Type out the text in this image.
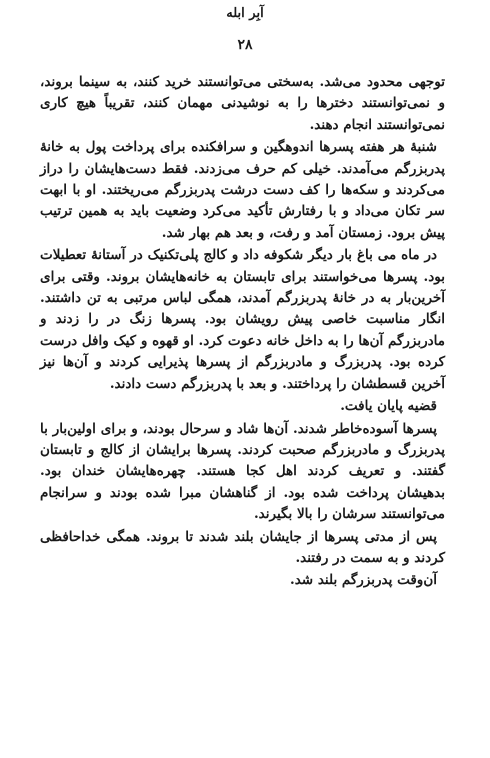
آبِر ابله
۲۸

توجهی محدود می‌شد. به‌سختی می‌توانستند خرید کنند، به سینما بروند، و نمی‌توانستند دخترها را به نوشیدنی مهمان کنند، تقریباً هیچ کاری نمی‌توانستند انجام دهند.

شنبهٔ هر هفته پسرها اندوهگین و سرافکنده برای پرداخت پول به خانهٔ پدربزرگم می‌آمدند. خیلی کم حرف می‌زدند. فقط دست‌هایشان را دراز می‌کردند و سکه‌ها را کف دست درشت پدربزرگم می‌ریختند. او با ابهت سر تکان می‌داد و با رفتارش تأکید می‌کرد وضعیت باید به همین ترتیب پیش برود. زمستان آمد و رفت، و بعد هم بهار شد.

در ماه می باغ بار دیگر شکوفه داد و کالج پلی‌تکنیک در آستانهٔ تعطیلات بود. پسرها می‌خواستند برای تابستان به خانه‌هایشان بروند. وقتی برای آخرین‌بار به در خانهٔ پدربزرگم آمدند، همگی لباس مرتبی به تن داشتند. انگار مناسبت خاصی پیش رویشان بود. پسرها زنگ در را زدند و مادربزرگم آن‌ها را به داخل خانه دعوت کرد. او قهوه و کیک وافل درست کرده بود. پدربزرگ و مادربزرگم از پسرها پذیرایی کردند و آن‌ها نیز آخرین قسطشان را پرداختند. و بعد با پدربزرگم دست دادند.

قضیه پایان یافت.

پسرها آسوده‌خاطر شدند. آن‌ها شاد و سرحال بودند، و برای اولین‌بار با پدربزرگ و مادربزرگم صحبت کردند. پسرها برایشان از کالج و تابستان گفتند. و تعریف کردند اهل کجا هستند. چهره‌هایشان خندان بود. بدهیشان پرداخت شده بود. از گناهشان مبرا شده بودند و سرانجام می‌توانستند سرشان را بالا بگیرند.

پس از مدتی پسرها از جایشان بلند شدند تا بروند. همگی خداحافظی کردند و به سمت در رفتند.

آن‌وقت پدربزرگم بلند شد.
